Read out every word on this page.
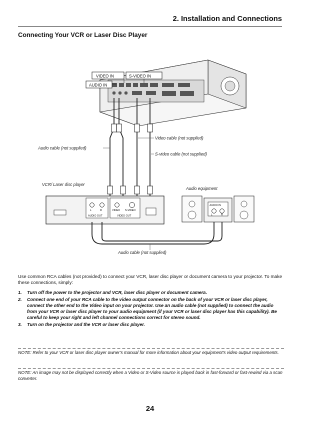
2. Installation and Connections
Connecting Your VCR or Laser Disc Player
VIDEO IN	S-VIDEO IN
AUDIO IN
Video cable (not supplied)
Audio cable (not supplied)
S-video cable (not supplied)
VCR/ Laser disc player
Audio equipment
L	R	VIDEO S-VIDEO
AUDIO OUT	VIDEO OUT
AUDIO IN
L	R
Audio cable (not supplied)
Use common RCA cables (not provided) to connect your VCR, laser disc player or document camera to your projector. To make these connections, simply:
1.	Turn off the power to the projector and VCR, laser disc player or document camera.
2.	Connect one end of your RCA cable to the video output connector on the back of your VCR or laser disc player, connect the other end to the Video input on your projector. Use an audio cable (not supplied) to connect the audio from your VCR or laser disc player to your audio equipment (if your VCR or laser disc player has this capability). Be careful to keep your right and left channel connections correct for stereo sound.
3.	Turn on the projector and the VCR or laser disc player.
NOTE: Refer to your VCR or laser disc player owner's manual for more information about your equipment's video output requirements.
NOTE: An image may not be displayed correctly when a Video or S-Video source is played back in fast-forward or fast-rewind via a scan converter.
24
